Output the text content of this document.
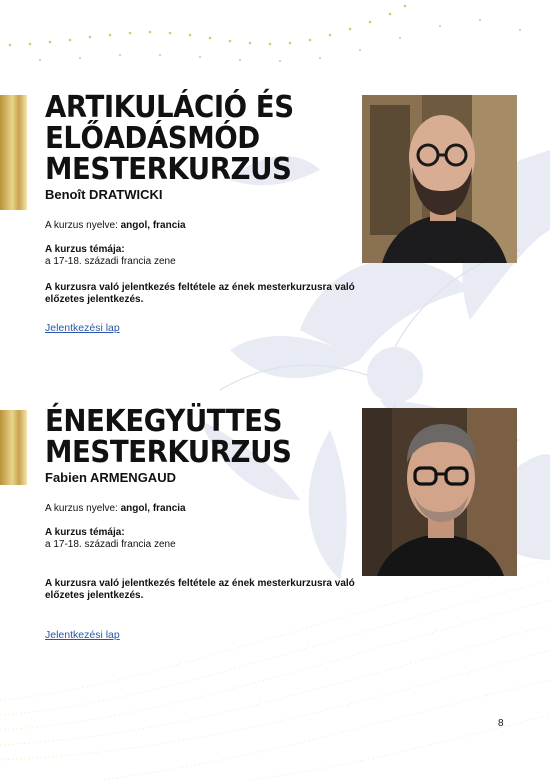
ARTIKULÁCIÓ ÉS
ELŐADÁSMÓD
MESTERKURZUS

Benoît DRATWICKI

A kurzus nyelve: angol, francia

A kurzus témája:

a 17-18. századi francia zene

A kurzusra való jelentkezés feltétele az ének mesterkurzusra való előzetes jelentkezés.

Jelentkezési lap

ÉNEKEGYÜTTES
MESTERKURZUS

Fabien ARMENGAUD

A kurzus nyelve: angol, francia

A kurzus témája:

a 17-18. századi francia zene

A kurzusra való jelentkezés feltétele az ének mesterkurzusra való előzetes jelentkezés.

Jelentkezési lap

8
